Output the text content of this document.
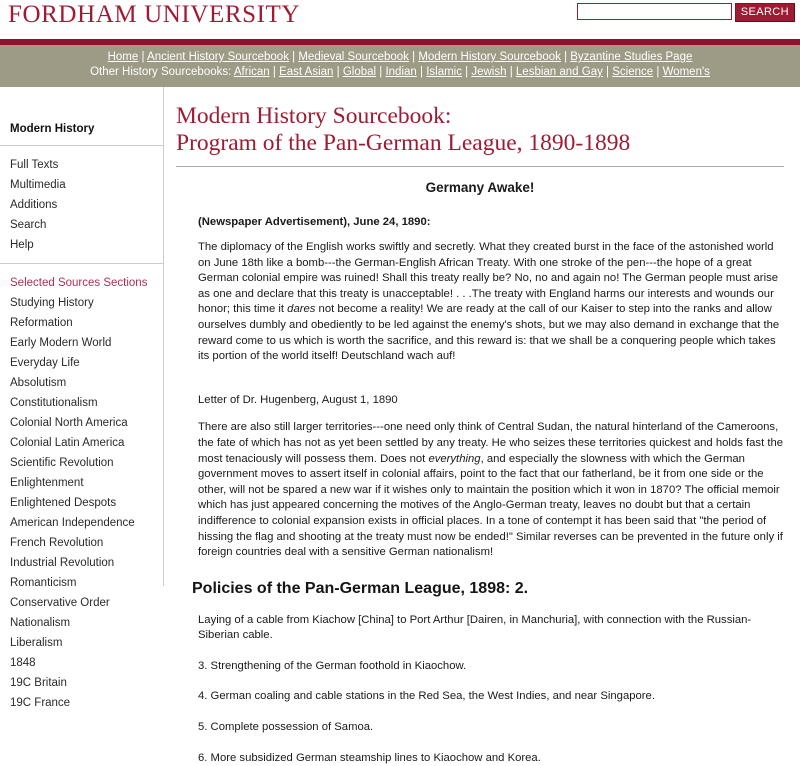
FORDHAM UNIVERSITY	SEARCH
Home | Ancient History Sourcebook | Medieval Sourcebook | Modern History Sourcebook | Byzantine Studies Page
Other History Sourcebooks: African | East Asian | Global | Indian | Islamic | Jewish | Lesbian and Gay | Science | Women's
Modern History
Full Texts
Multimedia
Additions
Search
Help
Selected Sources Sections
Studying History
Reformation
Early Modern World
Everyday Life
Absolutism
Constitutionalism
Colonial North America
Colonial Latin America
Scientific Revolution
Enlightenment
Enlightened Despots
American Independence
French Revolution
Industrial Revolution
Romanticism
Conservative Order
Nationalism
Liberalism
1848
19C Britain
19C France
Modern History Sourcebook:
Program of the Pan-German League, 1890-1898
Germany Awake!
(Newspaper Advertisement), June 24, 1890:

The diplomacy of the English works swiftly and secretly. What they created burst in the face of the astonished world on June 18th like a bomb---the German-English African Treaty. With one stroke of the pen---the hope of a great German colonial empire was ruined! Shall this treaty really be? No, no and again no! The German people must arise as one and declare that this treaty is unacceptable! . . .The treaty with England harms our interests and wounds our honor; this time it dares not become a reality! We are ready at the call of our Kaiser to step into the ranks and allow ourselves dumbly and obediently to be led against the enemy's shots, but we may also demand in exchange that the reward come to us which is worth the sacrifice, and this reward is: that we shall be a conquering people which takes its portion of the world itself! Deutschland wach auf!

Letter of Dr. Hugenberg, August 1, 1890

There are also still larger territories---one need only think of Central Sudan, the natural hinterland of the Cameroons, the fate of which has not as yet been settled by any treaty. He who seizes these territories quickest and holds fast the most tenaciously will possess them. Does not everything, and especially the slowness with which the German government moves to assert itself in colonial affairs, point to the fact that our fatherland, be it from one side or the other, will not be spared a new war if it wishes only to maintain the position which it won in 1870? The official memoir which has just appeared concerning the motives of the Anglo-German treaty, leaves no doubt but that a certain indifference to colonial expansion exists in official places. In a tone of contempt it has been said that "the period of hissing the flag and shooting at the treaty must now be ended!" Similar reverses can be prevented in the future only if foreign countries deal with a sensitive German nationalism!

Policies of the Pan-German League, 1898: 2.

Laying of a cable from Kiachow [China] to Port Arthur [Dairen, in Manchuria], with connection with the Russian-Siberian cable.

3. Strengthening of the German foothold in Kiaochow.

4. German coaling and cable stations in the Red Sea, the West Indies, and near Singapore.

5. Complete possession of Samoa.

6. More subsidized German steamship lines to Kiaochow and Korea.
